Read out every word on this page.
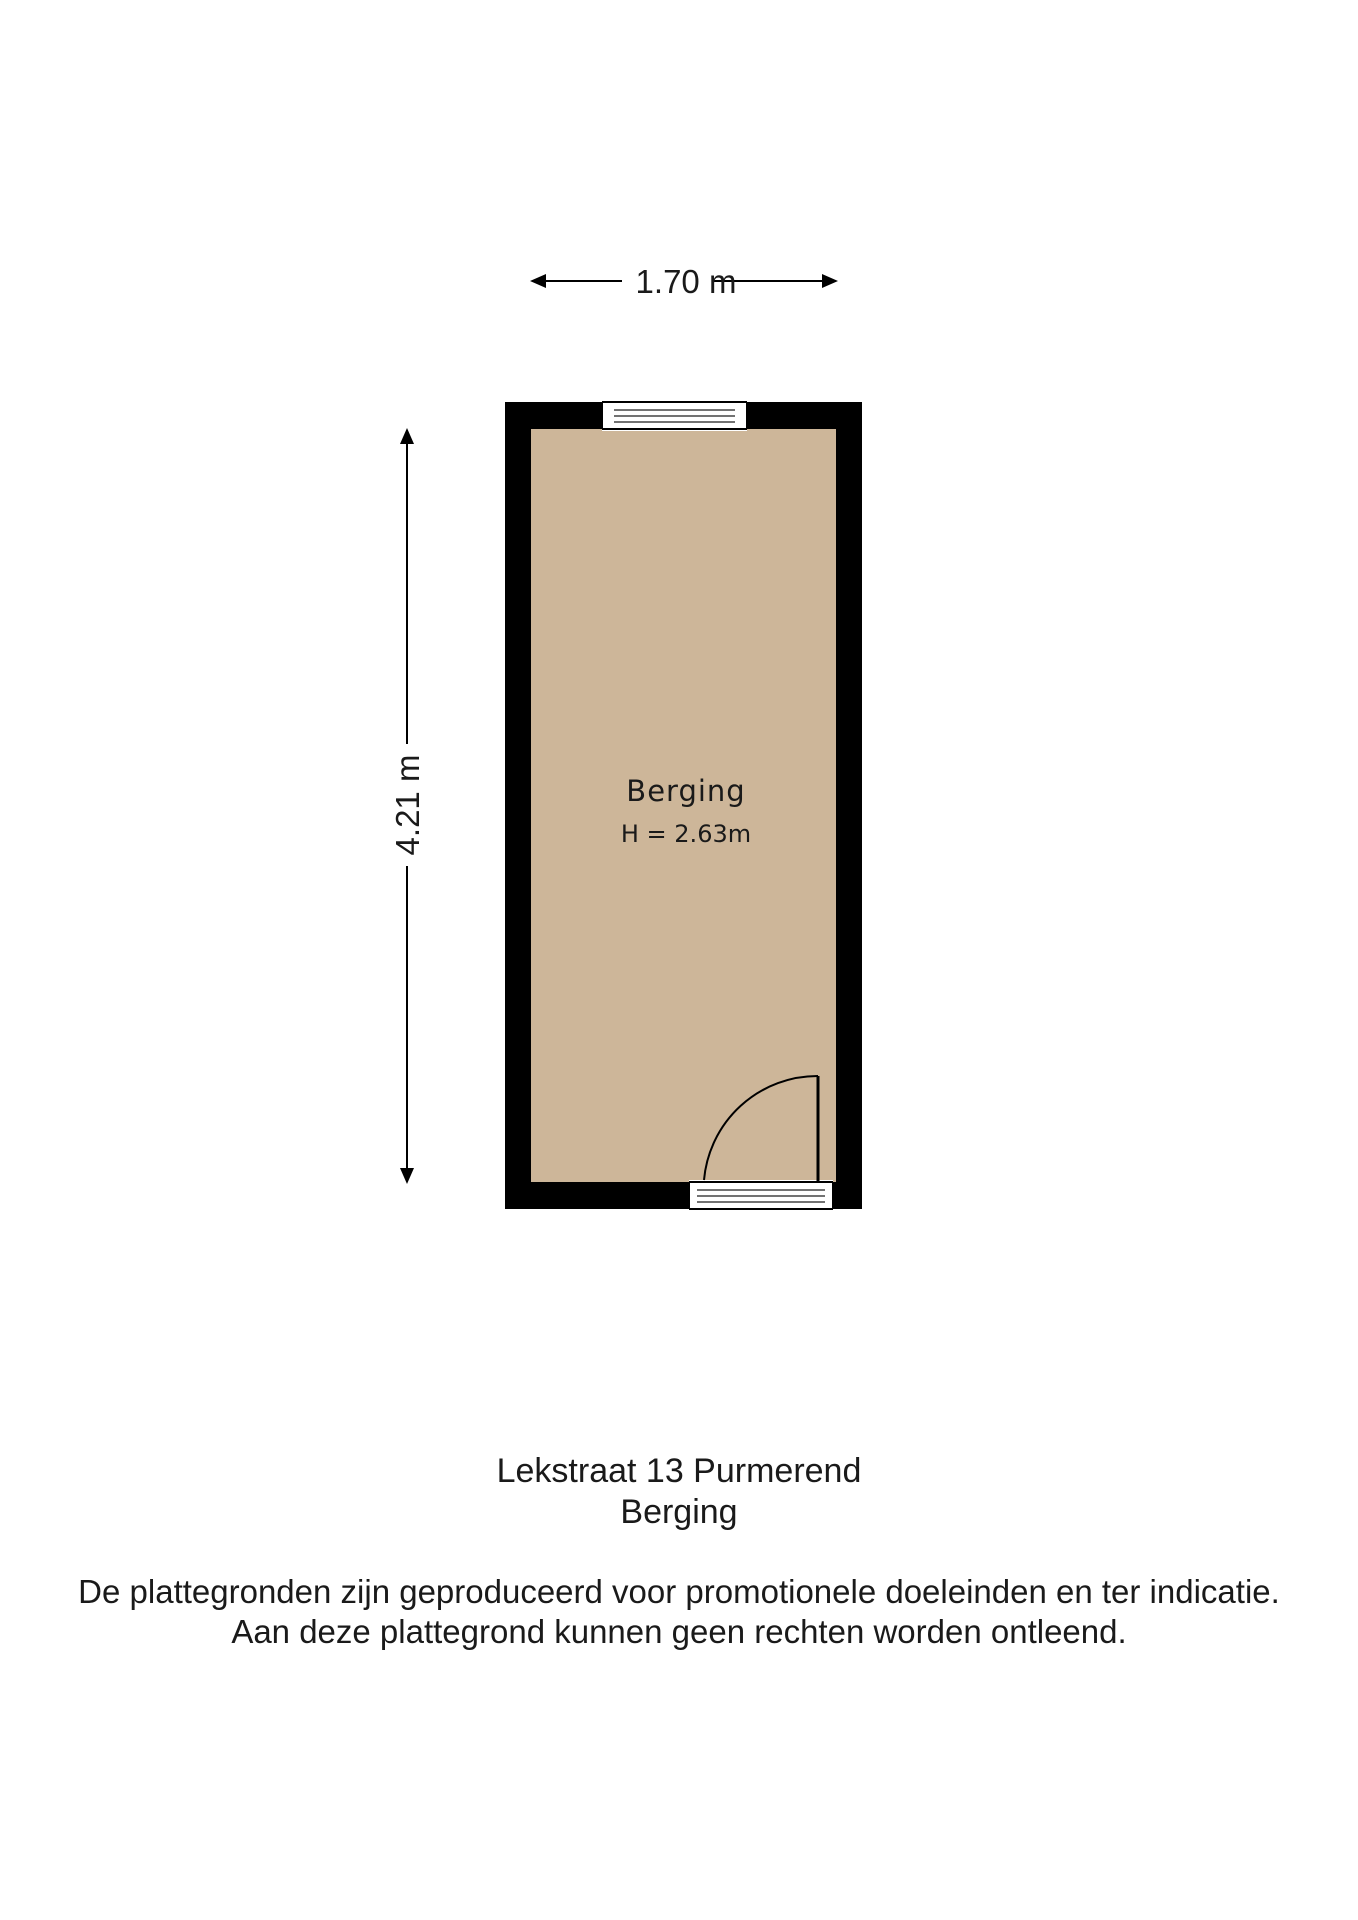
1.70 m
4.21 m	Berging
H = 2.63m
Lekstraat 13 Purmerend
Berging
De plattegronden zijn geproduceerd voor promotionele doeleinden en ter indicatie.
Aan deze plattegrond kunnen geen rechten worden ontleend.
